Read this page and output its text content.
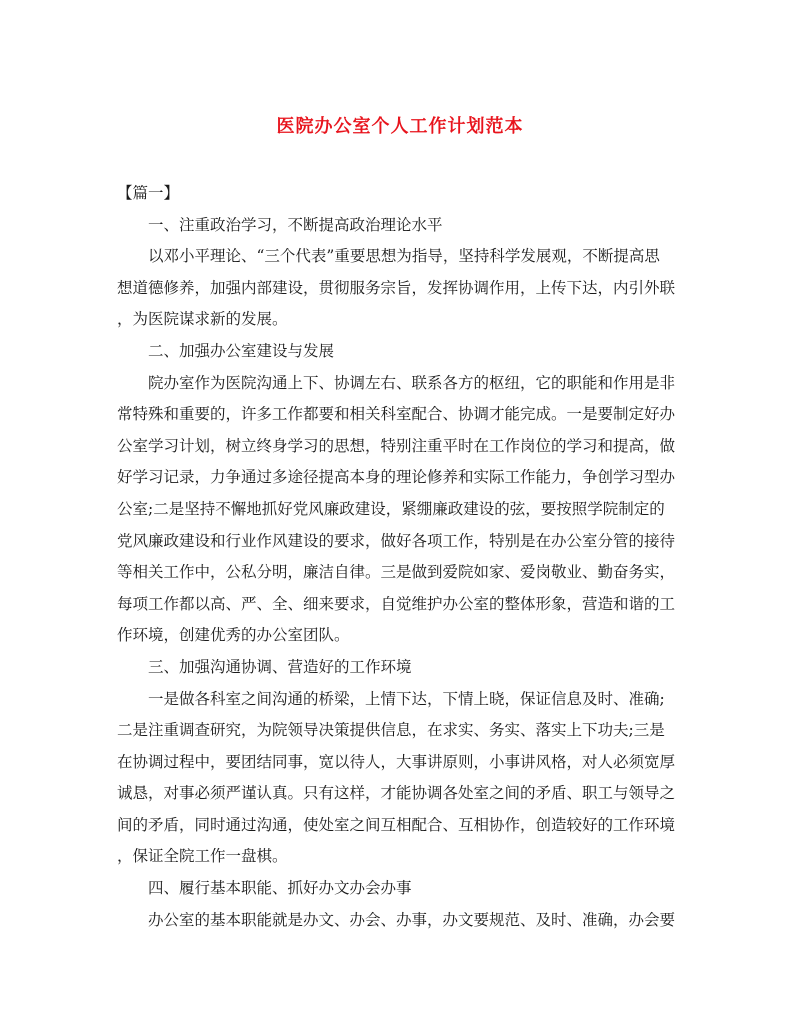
医院办公室个人工作计划范本
【篇一】
一、注重政治学习，不断提高政治理论水平
以邓小平理论、“三个代表”重要思想为指导，坚持科学发展观，不断提高思
想道德修养，加强内部建设，贯彻服务宗旨，发挥协调作用，上传下达，内引外联
，为医院谋求新的发展。
二、加强办公室建设与发展
院办室作为医院沟通上下、协调左右、联系各方的枢纽，它的职能和作用是非
常特殊和重要的，许多工作都要和相关科室配合、协调才能完成。一是要制定好办
公室学习计划，树立终身学习的思想，特别注重平时在工作岗位的学习和提高，做
好学习记录，力争通过多途径提高本身的理论修养和实际工作能力，争创学习型办
公室;二是坚持不懈地抓好党风廉政建设，紧绷廉政建设的弦，要按照学院制定的
党风廉政建设和行业作风建设的要求，做好各项工作，特别是在办公室分管的接待
等相关工作中，公私分明，廉洁自律。三是做到爱院如家、爱岗敬业、勤奋务实，
每项工作都以高、严、全、细来要求，自觉维护办公室的整体形象，营造和谐的工
作环境，创建优秀的办公室团队。
三、加强沟通协调、营造好的工作环境
一是做各科室之间沟通的桥梁，上情下达，下情上晓，保证信息及时、准确;
二是注重调查研究，为院领导决策提供信息，在求实、务实、落实上下功夫;三是
在协调过程中，要团结同事，宽以待人，大事讲原则，小事讲风格，对人必须宽厚
诚恳，对事必须严谨认真。只有这样，才能协调各处室之间的矛盾、职工与领导之
间的矛盾，同时通过沟通，使处室之间互相配合、互相协作，创造较好的工作环境
，保证全院工作一盘棋。
四、履行基本职能、抓好办文办会办事
办公室的基本职能就是办文、办会、办事，办文要规范、及时、准确，办会要
